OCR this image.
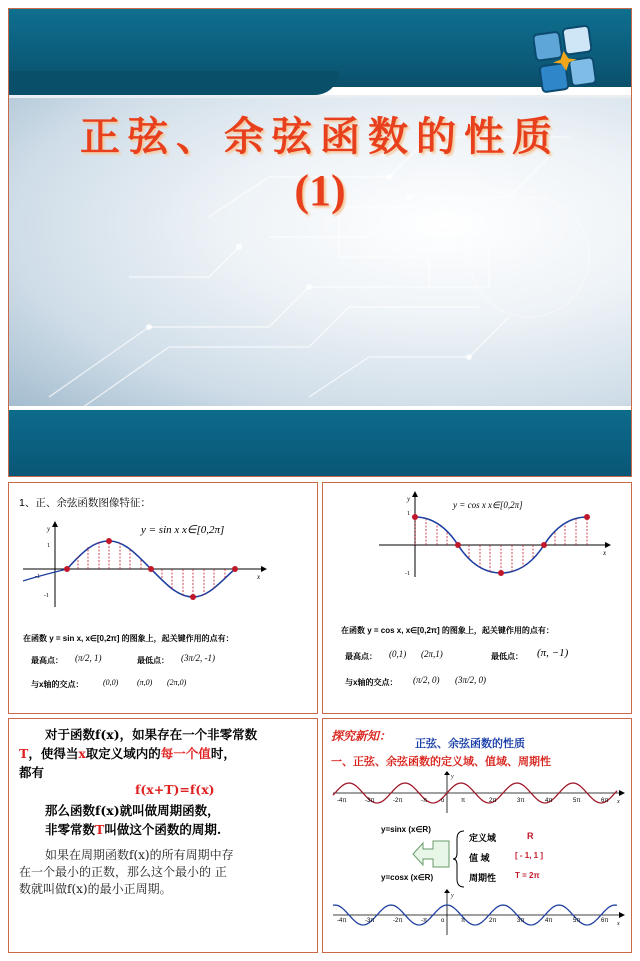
正弦、余弦函数的性质
(1)
1、正、余弦函数图像特征：
y = sin x x∈[0,2π]
y
x
1
-1
-1
在函数 y = sin x, x∈[0,2π] 的图象上，起关键作用的点有：
最高点： (π/2, 1)	最低点： (3π/2, -1)
与x轴的交点： (0,0) (π,0) (2π,0)
y = cos x x∈[0,2π]
y
x
1
-1
在函数 y = cos x, x∈[0,2π] 的图象上，起关键作用的点有：
最高点： (0,1) (2π,1)	最低点： (π, −1)
与x轴的交点： (π/2, 0) (3π/2, 0)
对于函数f(x)，如果存在一个非零常数
T，使得当x取定义域内的每一个值时，
都有
f(x+T)=f(x)
那么函数f(x)就叫做周期函数，
非零常数T叫做这个函数的周期.
如果在周期函数f(x)的所有周期中存
在一个最小的正数，那么这个最小的 正
数就叫做f(x)的最小正周期。
探究新知：
正弦、余弦函数的性质
一、正弦、余弦函数的定义域、值域、周期性
y
x
-4π	-3π	-2π	-π o	π	2π	3π	4π	5π	6π
y=sinx (x∈R)
y=cosx (x∈R)
定义域	R
值 域	[ - 1, 1 ]
周期性 T = 2π
y
x
-4π	-3π	-2π	-π o	π	2π	3π	4π	5π	6π
